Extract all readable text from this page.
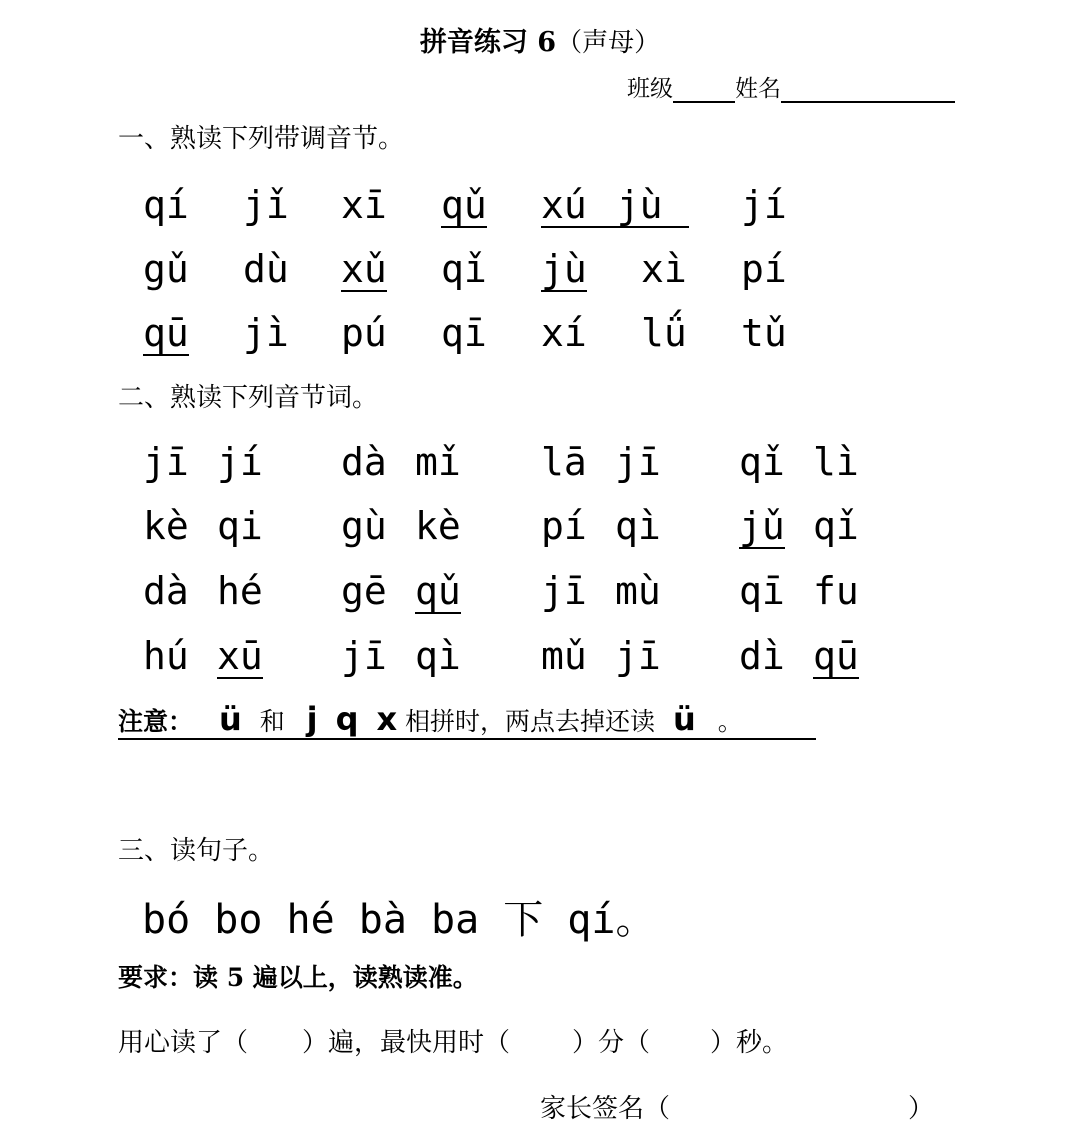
拼音练习 6（声母）
班级	姓名
一、熟读下列带调音节。
qí jǐ xī qǔ xú jù	jí
gǔ dù xǔ qǐ jù xì pí
qū jì pú qī xí lǘ tǔ
二、熟读下列音节词。
jī jí dà mǐ lā jī qǐ lì
kè qi gù kè pí qì jǔ qǐ
dà hé gē qǔ jī mù qī fu
hú xū jī qì mǔ jī dì qū
注意： ü 和 j q x 相拼时，两点去掉还读 ü 。
三、读句子。
bó bo hé bà ba 下 qí。
要求：读 5 遍以上，读熟读准。
用心读了（ ）遍，最快用时（ ）分（ ）秒。
家长签名（	）
